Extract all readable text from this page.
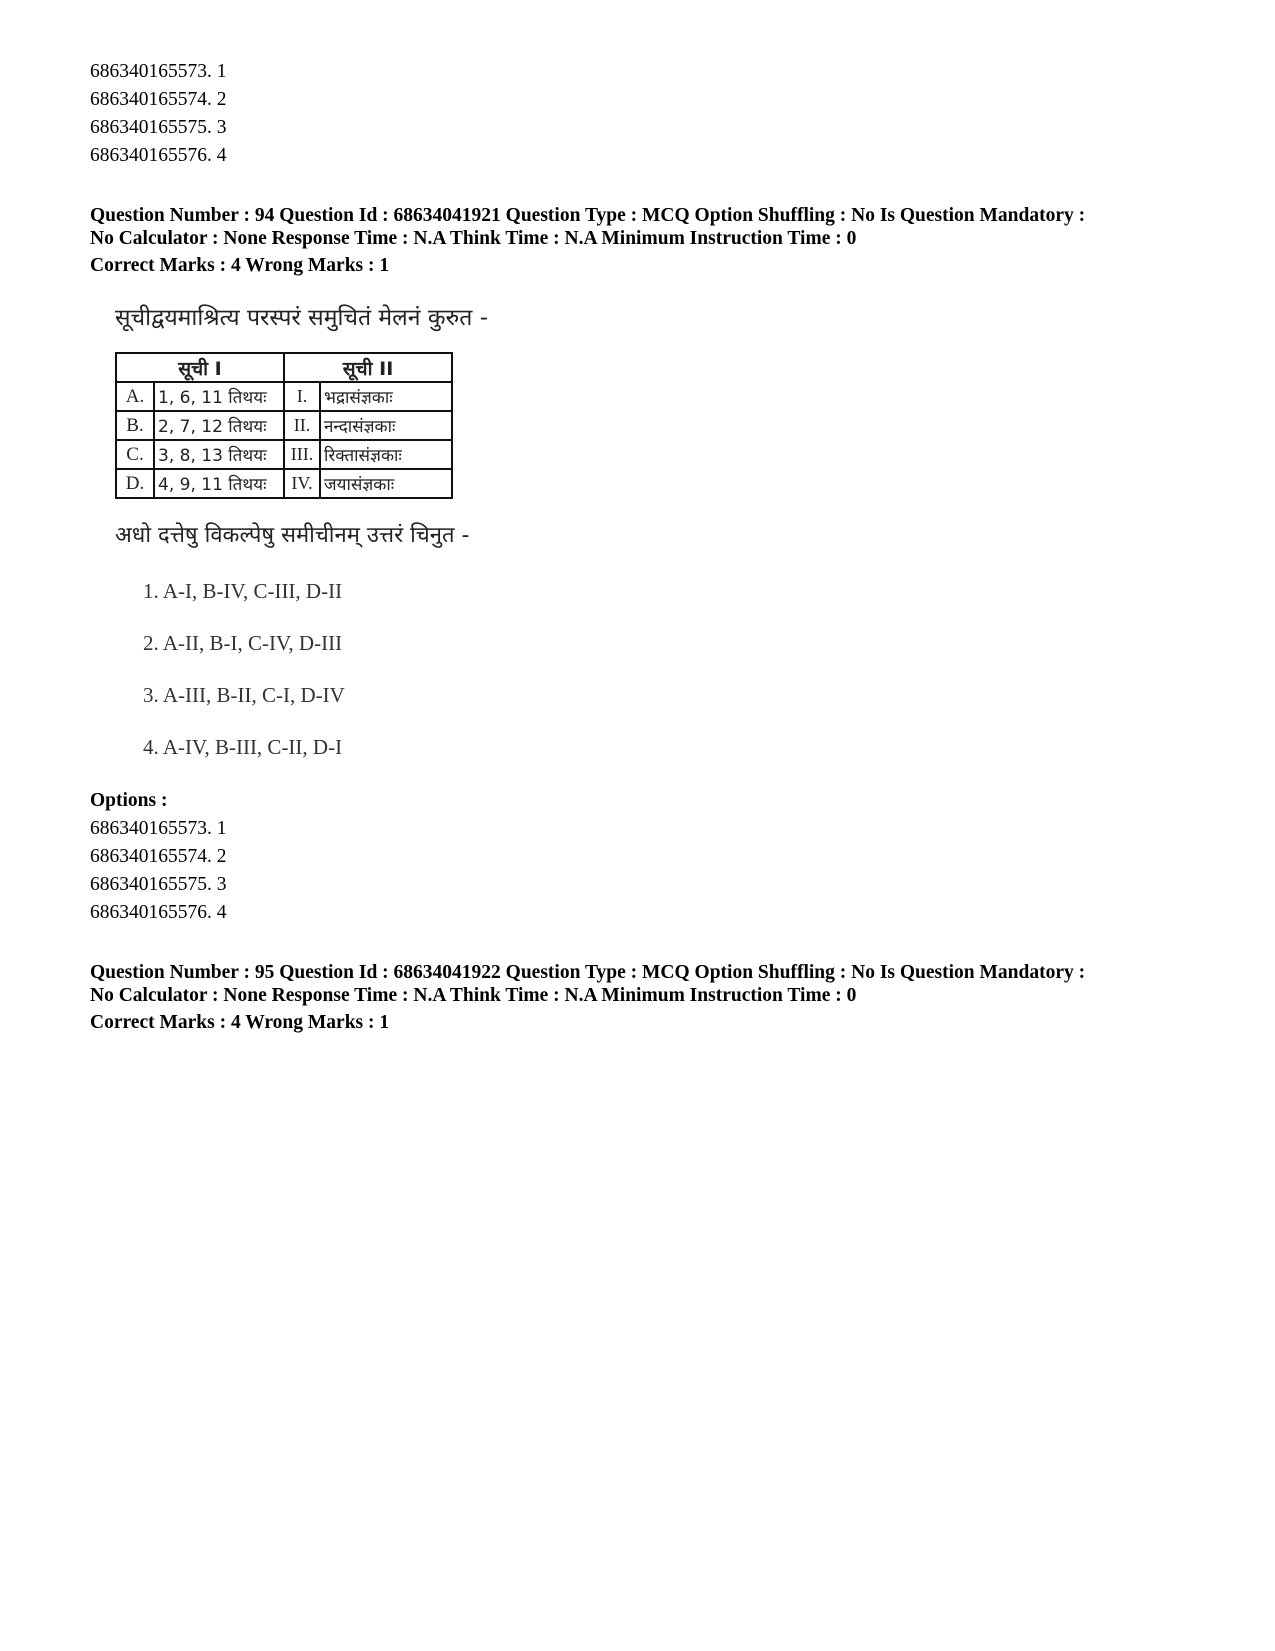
686340165573. 1

686340165574. 2

686340165575. 3

686340165576. 4

Question Number : 94 Question Id : 68634041921 Question Type : MCQ Option Shuffling : No Is Question Mandatory :

No Calculator : None Response Time : N.A Think Time : N.A Minimum Instruction Time : 0

Correct Marks : 4 Wrong Marks : 1

सूचीद्वयमाश्रित्य परस्परं समुचितं मेलनं कुरुत -

सूची I		सूची II	
A.	1, 6, 11 तिथयः	I.	भद्रासंज्ञकाः
B.	2, 7, 12 तिथयः	II.	नन्दासंज्ञकाः
C.	3, 8, 13 तिथयः	III.	रिक्तासंज्ञकाः
D.	4, 9, 11 तिथयः	IV.	जयासंज्ञकाः

अधो दत्तेषु विकल्पेषु समीचीनम् उत्तरं चिनुत -

1. A-I, B-IV, C-III, D-II

2. A-II, B-I, C-IV, D-III

3. A-III, B-II, C-I, D-IV

4. A-IV, B-III, C-II, D-I

Options :

686340165573. 1

686340165574. 2

686340165575. 3

686340165576. 4

Question Number : 95 Question Id : 68634041922 Question Type : MCQ Option Shuffling : No Is Question Mandatory :

No Calculator : None Response Time : N.A Think Time : N.A Minimum Instruction Time : 0

Correct Marks : 4 Wrong Marks : 1
